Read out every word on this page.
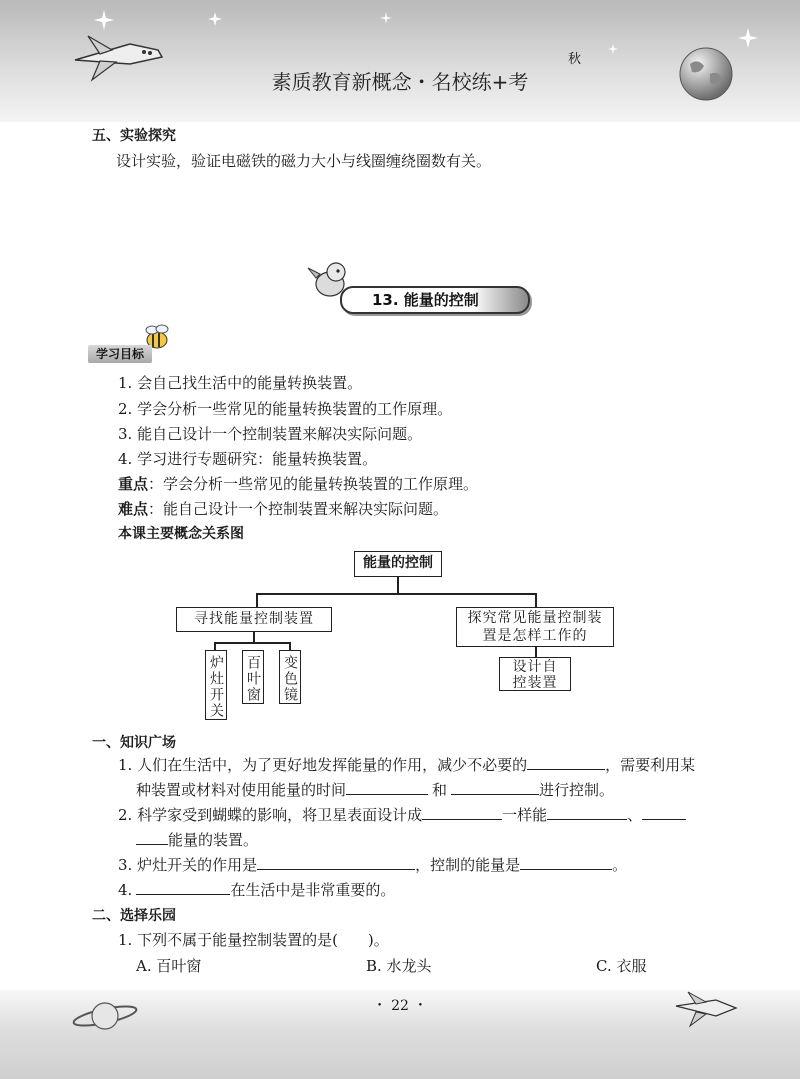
素质教育新概念・名校练+考
秋
五、实验探究
设计实验，验证电磁铁的磁力大小与线圈缠绕圈数有关。
13. 能量的控制
学习目标
1. 会自己找生活中的能量转换装置。
2. 学会分析一些常见的能量转换装置的工作原理。
3. 能自己设计一个控制装置来解决实际问题。
4. 学习进行专题研究：能量转换装置。
重点：学会分析一些常见的能量转换装置的工作原理。
难点：能自己设计一个控制装置来解决实际问题。
本课主要概念关系图
能量的控制
寻找能量控制装置	探究常见能量控制装置是怎样工作的
炉灶开关 百叶窗 变色镜	设计自控装置
一、知识广场
1. 人们在生活中，为了更好地发挥能量的作用，减少不必要的	，需要利用某
种装置或材料对使用能量的时间	和	进行控制。
2. 科学家受到蝴蝶的影响，将卫星表面设计成	一样能	、
能量的装置。
3. 炉灶开关的作用是	，控制的能量是	。
4.	在生活中是非常重要的。
二、选择乐园
1. 下列不属于能量控制装置的是(　　)。
A. 百叶窗	B. 水龙头	C. 衣服
・ 22 ・
